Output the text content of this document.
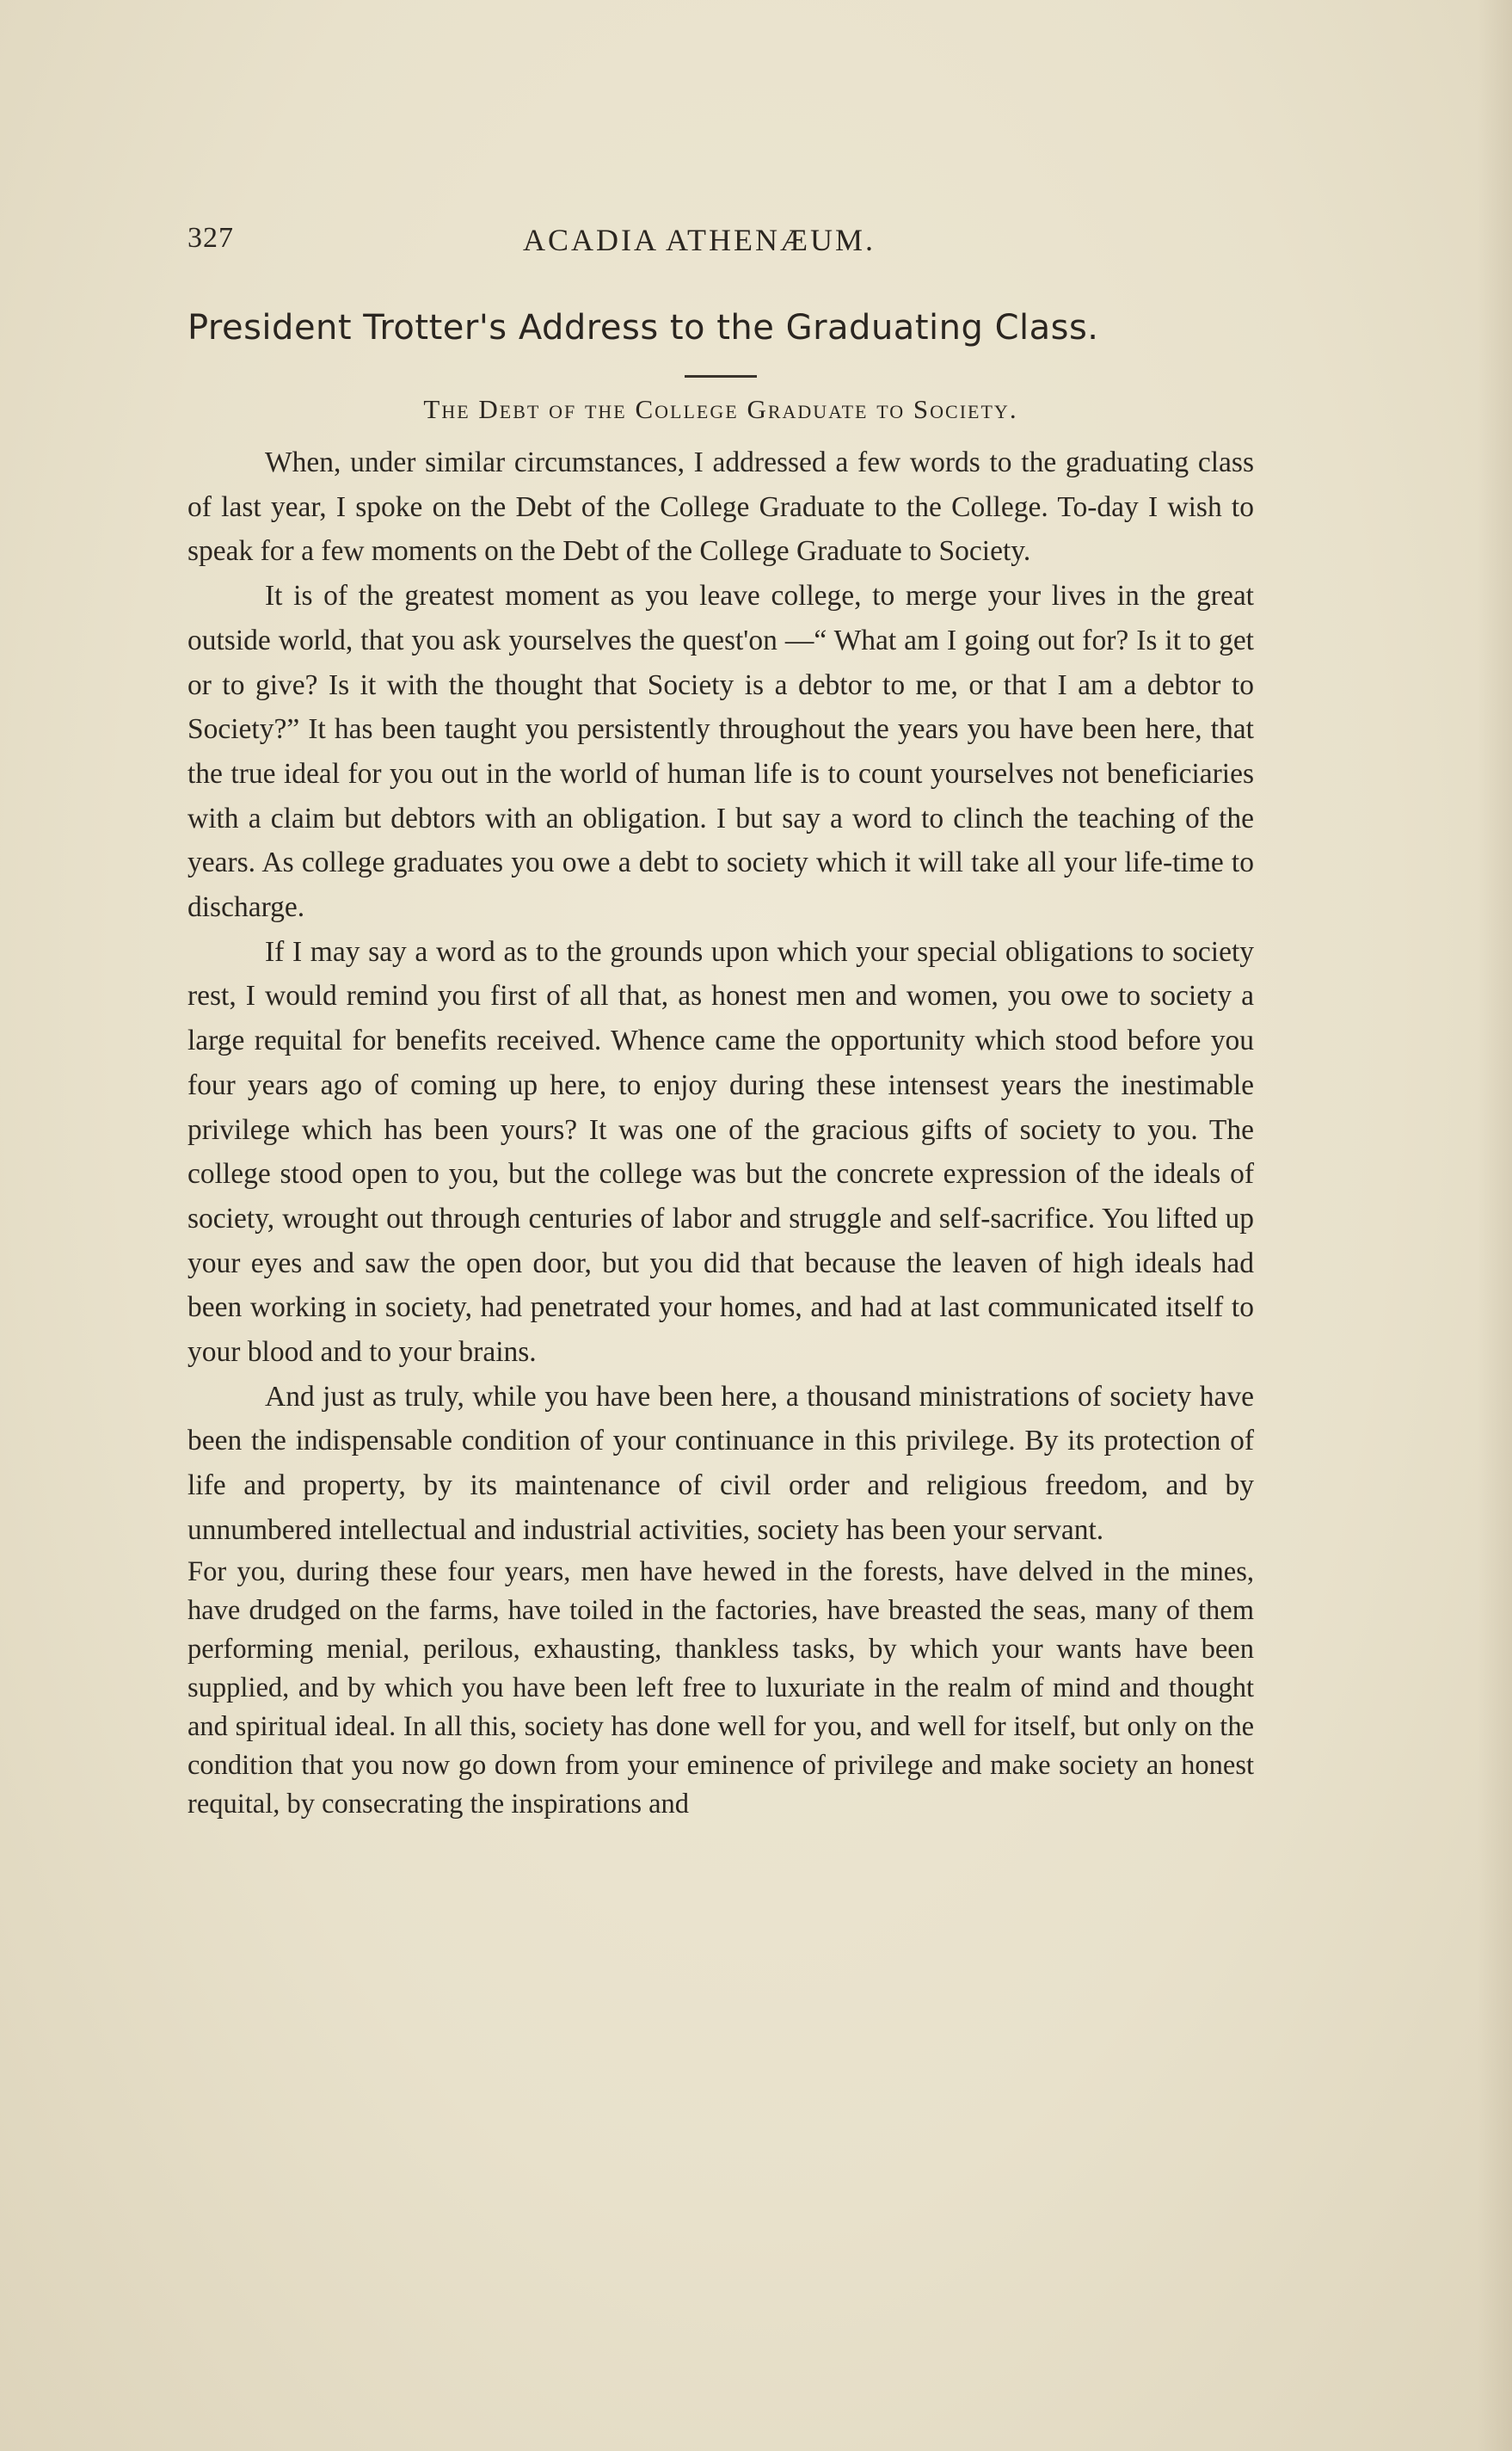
327	ACADIA ATHENÆUM.
President Trotter's Address to the Graduating Class.
The Debt of the College Graduate to Society.

When, under similar circumstances, I addressed a few words to the graduating class of last year, I spoke on the Debt of the College Graduate to the College. To-day I wish to speak for a few moments on the Debt of the College Graduate to Society.

It is of the greatest moment as you leave college, to merge your lives in the great outside world, that you ask yourselves the quest'on —“ What am I going out for? Is it to get or to give? Is it with the thought that Society is a debtor to me, or that I am a debtor to Society?” It has been taught you persistently throughout the years you have been here, that the true ideal for you out in the world of human life is to count yourselves not beneficiaries with a claim but debtors with an obligation. I but say a word to clinch the teaching of the years. As college graduates you owe a debt to society which it will take all your life-time to discharge.

If I may say a word as to the grounds upon which your special obligations to society rest, I would remind you first of all that, as honest men and women, you owe to society a large requital for benefits received. Whence came the opportunity which stood before you four years ago of coming up here, to enjoy during these intensest years the inestimable privilege which has been yours? It was one of the gracious gifts of society to you. The college stood open to you, but the college was but the concrete expression of the ideals of society, wrought out through centuries of labor and struggle and self-sacrifice. You lifted up your eyes and saw the open door, but you did that because the leaven of high ideals had been working in society, had penetrated your homes, and had at last communicated itself to your blood and to your brains.

And just as truly, while you have been here, a thousand ministrations of society have been the indispensable condition of your continuance in this privilege. By its protection of life and property, by its maintenance of civil order and religious freedom, and by unnumbered intellectual and industrial activities, society has been your servant.

For you, during these four years, men have hewed in the forests, have delved in the mines, have drudged on the farms, have toiled in the factories, have breasted the seas, many of them performing menial, perilous, exhausting, thankless tasks, by which your wants have been supplied, and by which you have been left free to luxuriate in the realm of mind and thought and spiritual ideal. In all this, society has done well for you, and well for itself, but only on the condition that you now go down from your eminence of privilege and make society an honest requital, by consecrating the inspirations and
